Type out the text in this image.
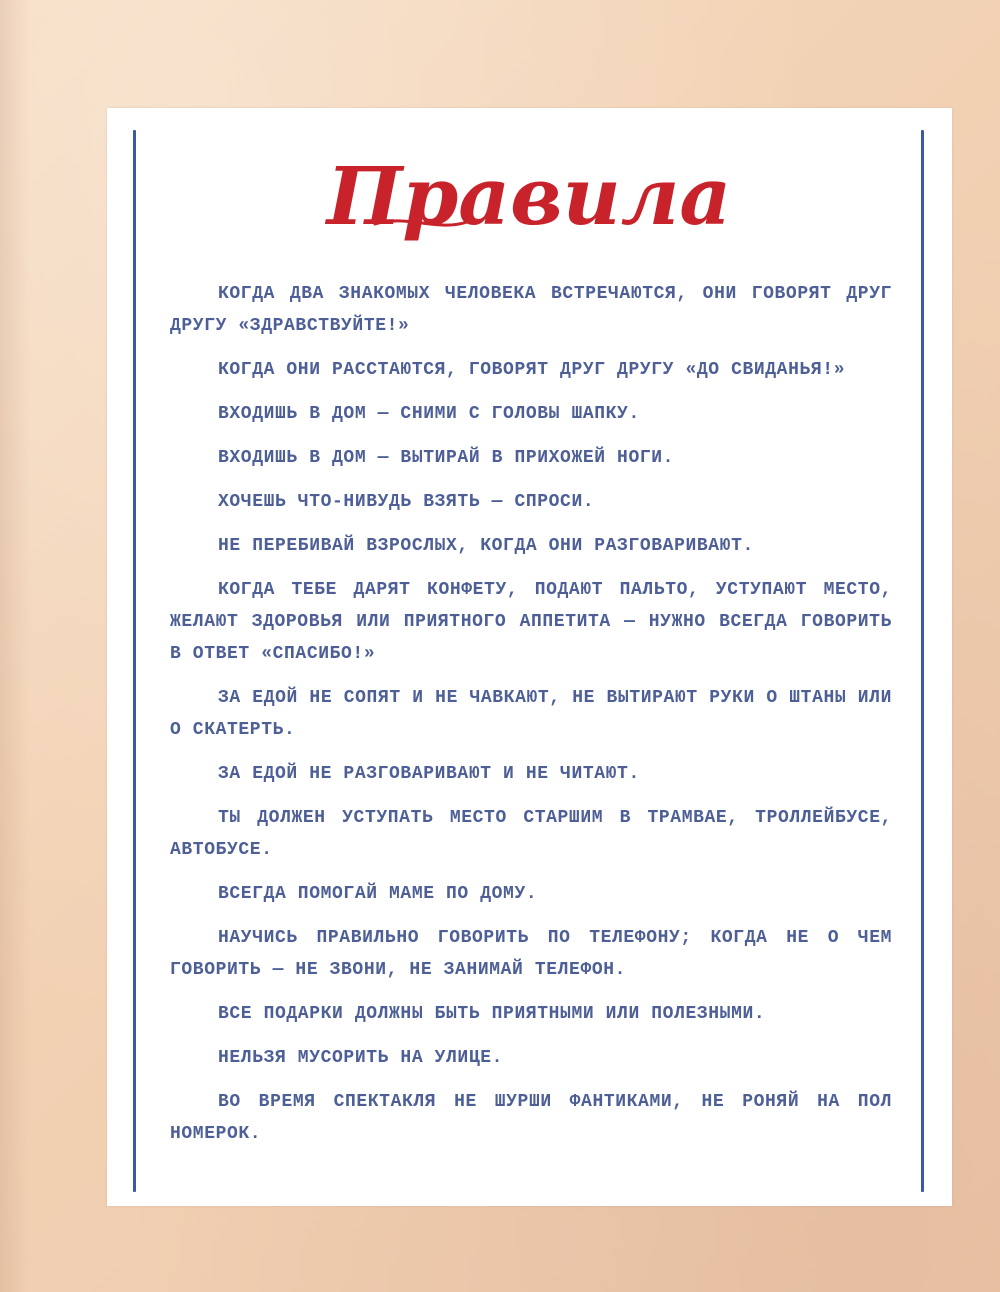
Правила
КОГДА ДВА ЗНАКОМЫХ ЧЕЛОВЕКА ВСТРЕЧАЮТСЯ, ОНИ ГОВОРЯТ ДРУГ ДРУГУ «ЗДРАВСТВУЙТЕ!»
КОГДА ОНИ РАССТАЮТСЯ, ГОВОРЯТ ДРУГ ДРУГУ «ДО СВИДАНЬЯ!»
ВХОДИШЬ В ДОМ — СНИМИ С ГОЛОВЫ ШАПКУ.
ВХОДИШЬ В ДОМ — ВЫТИРАЙ В ПРИХОЖЕЙ НОГИ.
ХОЧЕШЬ ЧТО-НИВУДЬ ВЗЯТЬ — СПРОСИ.
НЕ ПЕРЕБИВАЙ ВЗРОСЛЫХ, КОГДА ОНИ РАЗГОВАРИВАЮТ.
КОГДА ТЕБЕ ДАРЯТ КОНФЕТУ, ПОДАЮТ ПАЛЬТО, УСТУПАЮТ МЕСТО, ЖЕЛАЮТ ЗДОРОВЬЯ ИЛИ ПРИЯТНОГО АППЕТИТА — НУЖНО ВСЕГДА ГОВОРИТЬ В ОТВЕТ «СПАСИБО!»
ЗА ЕДОЙ НЕ СОПЯТ И НЕ ЧАВКАЮТ, НЕ ВЫТИРАЮТ РУКИ О ШТАНЫ ИЛИ О СКАТЕРТЬ.
ЗА ЕДОЙ НЕ РАЗГОВАРИВАЮТ И НЕ ЧИТАЮТ.
ТЫ ДОЛЖЕН УСТУПАТЬ МЕСТО СТАРШИМ В ТРАМВАЕ, ТРОЛЛЕЙБУСЕ, АВТОБУСЕ.
ВСЕГДА ПОМОГАЙ МАМЕ ПО ДОМУ.
НАУЧИСЬ ПРАВИЛЬНО ГОВОРИТЬ ПО ТЕЛЕФОНУ; КОГДА НЕ О ЧЕМ ГОВОРИТЬ — НЕ ЗВОНИ, НЕ ЗАНИМАЙ ТЕЛЕФОН.
ВСЕ ПОДАРКИ ДОЛЖНЫ БЫТЬ ПРИЯТНЫМИ ИЛИ ПОЛЕЗНЫМИ.
НЕЛЬЗЯ МУСОРИТЬ НА УЛИЦЕ.
ВО ВРЕМЯ СПЕКТАКЛЯ НЕ ШУРШИ ФАНТИКАМИ, НЕ РОНЯЙ НА ПОЛ НОМЕРОК.
